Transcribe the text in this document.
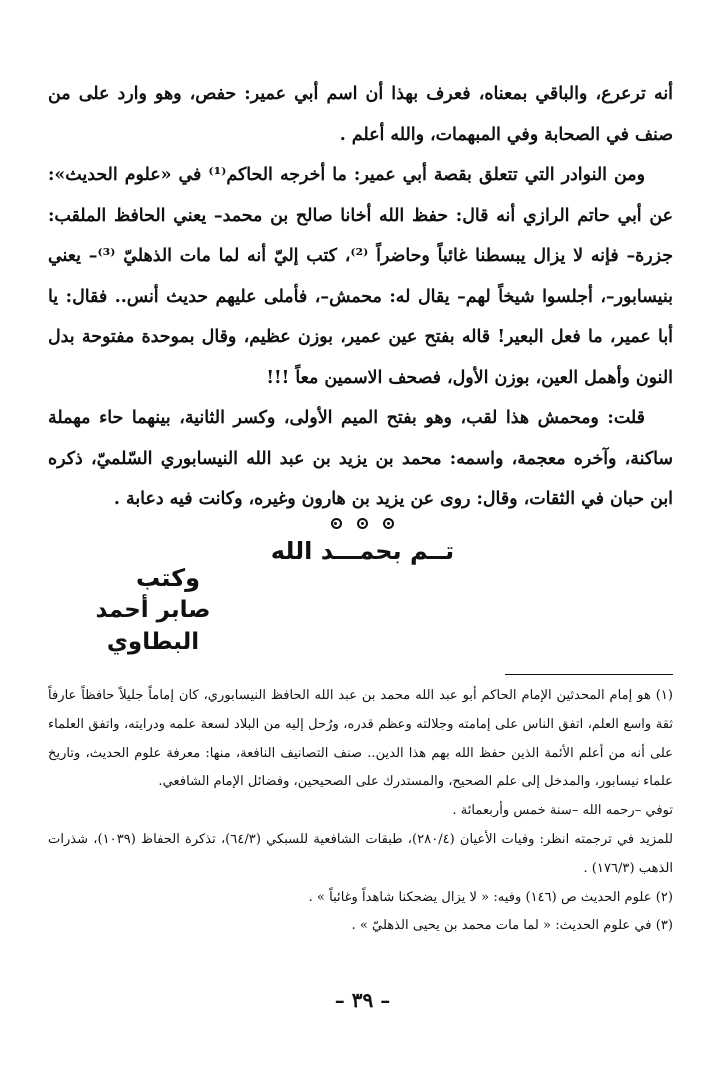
أنه ترعرع، والباقي بمعناه، فعرف بهذا أن اسم أبي عمير: حفص، وهو وارد على من صنف في الصحابة وفي المبهمات، والله أعلم .

ومن النوادر التي تتعلق بقصة أبي عمير: ما أخرجه الحاكم⁽¹⁾ في «علوم الحديث»: عن أبي حاتم الرازي أنه قال: حفظ الله أخانا صالح بن محمد– يعني الحافظ الملقب: جزرة– فإنه لا يزال يبسطنا غائباً وحاضراً ⁽²⁾، كتب إليّ أنه لما مات الذهليّ ⁽³⁾– يعني بنيسابور–، أجلسوا شيخاً لهم– يقال له: محمش–، فأملى عليهم حديث أنس.. فقال: يا أبا عمير، ما فعل البعير! قاله بفتح عين عمير، بوزن عظيم، وقال بموحدة مفتوحة بدل النون وأهمل العين، بوزن الأول، فصحف الاسمين معاً !!!

قلت: ومحمش هذا لقب، وهو بفتح الميم الأولى، وكسر الثانية، بينهما حاء مهملة ساكنة، وآخره معجمة، واسمه: محمد بن يزيد بن عبد الله النيسابوري السّلميّ، ذكره ابن حبان في الثقات، وقال: روى عن يزيد بن هارون وغيره، وكانت فيه دعابة .

تــم بحمـــد الله
وكتب
صابر أحمد البطاوي

(١) هو إمام المحدثين الإمام الحاكم أبو عبد الله محمد بن عبد الله الحافظ النيسابوري، كان إماماً جليلاً حافظاً عارفاً ثقة واسع العلم، اتفق الناس على إمامته وجلالته وعظم قدره، ورُحل إليه من البلاد لسعة علمه ودرايته، واتفق العلماء على أنه من أعلم الأئمة الذين حفظ الله بهم هذا الدين.. صنف التصانيف النافعة، منها: معرفة علوم الحديث، وتاريخ علماء نيسابور، والمدخل إلى علم الصحيح، والمستدرك على الصحيحين، وفضائل الإمام الشافعي.

توفي –رحمه الله –سنة خمس وأربعمائة .

للمزيد في ترجمته انظر: وفيات الأعيان (٢٨٠/٤)، طبقات الشافعية للسبكي (٦٤/٣)، تذكرة الحفاظ (١٠٣٩)، شذرات الذهب (١٧٦/٣) .

(٢) علوم الحديث ص (١٤٦) وفيه: « لا يزال يضحكنا شاهداً وغائباً » .

(٣) في علوم الحديث: « لما مات محمد بن يحيى الذهليّ » .

– ٣٩ –
